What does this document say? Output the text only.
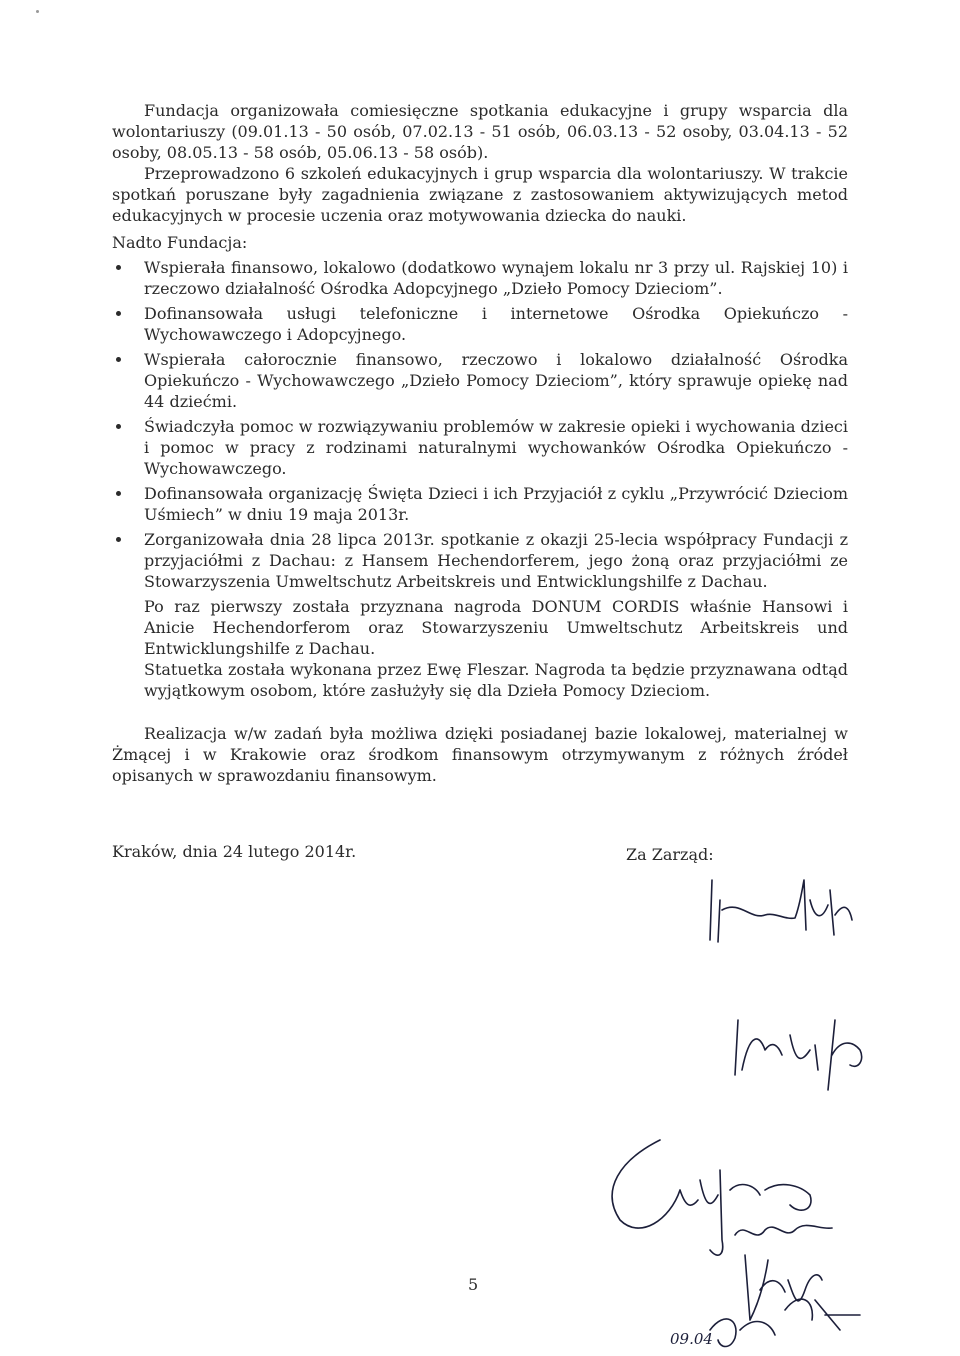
Fundacja organizowała comiesięczne spotkania edukacyjne i grupy wsparcia dla wolontariuszy (09.01.13 - 50 osób, 07.02.13 - 51 osób, 06.03.13 - 52 osoby, 03.04.13 - 52 osoby, 08.05.13 - 58 osób, 05.06.13 - 58 osób).

Przeprowadzono 6 szkoleń edukacyjnych i grup wsparcia dla wolontariuszy. W trakcie spotkań poruszane były zagadnienia związane z zastosowaniem aktywizujących metod edukacyjnych w procesie uczenia oraz motywowania dziecka do nauki.

Nadto Fundacja:

Wspierała finansowo, lokalowo (dodatkowo wynajem lokalu nr 3 przy ul. Rajskiej 10) i rzeczowo działalność Ośrodka Adopcyjnego „Dzieło Pomocy Dzieciom”.
Dofinansowała usługi telefoniczne i internetowe Ośrodka Opiekuńczo - Wychowawczego i Adopcyjnego.
Wspierała całorocznie finansowo, rzeczowo i lokalowo działalność Ośrodka Opiekuńczo - Wychowawczego „Dzieło Pomocy Dzieciom”, który sprawuje opiekę nad 44 dziećmi.
Świadczyła pomoc w rozwiązywaniu problemów w zakresie opieki i wychowania dzieci i pomoc w pracy z rodzinami naturalnymi wychowanków Ośrodka Opiekuńczo - Wychowawczego.
Dofinansowała organizację Święta Dzieci i ich Przyjaciół z cyklu „Przywrócić Dzieciom Uśmiech” w dniu 19 maja 2013r.
Zorganizowała dnia 28 lipca 2013r. spotkanie z okazji 25-lecia współpracy Fundacji z przyjaciółmi z Dachau: z Hansem Hechendorferem, jego żoną oraz przyjaciółmi ze Stowarzyszenia Umweltschutz Arbeitskreis und Entwicklungshilfe z Dachau.

Po raz pierwszy została przyznana nagroda DONUM CORDIS właśnie Hansowi i Anicie Hechendorferom oraz Stowarzyszeniu Umweltschutz Arbeitskreis und Entwicklungshilfe z Dachau.

Statuetka została wykonana przez Ewę Fleszar. Nagroda ta będzie przyznawana odtąd wyjątkowym osobom, które zasłużyły się dla Dzieła Pomocy Dzieciom.

Realizacja w/w zadań była możliwa dzięki posiadanej bazie lokalowej, materialnej w Żmącej i w Krakowie oraz środkom finansowym otrzymywanym z różnych źródeł opisanych w sprawozdaniu finansowym.

Kraków, dnia 24 lutego 2014r.	Za Zarząd:
09.04
5
